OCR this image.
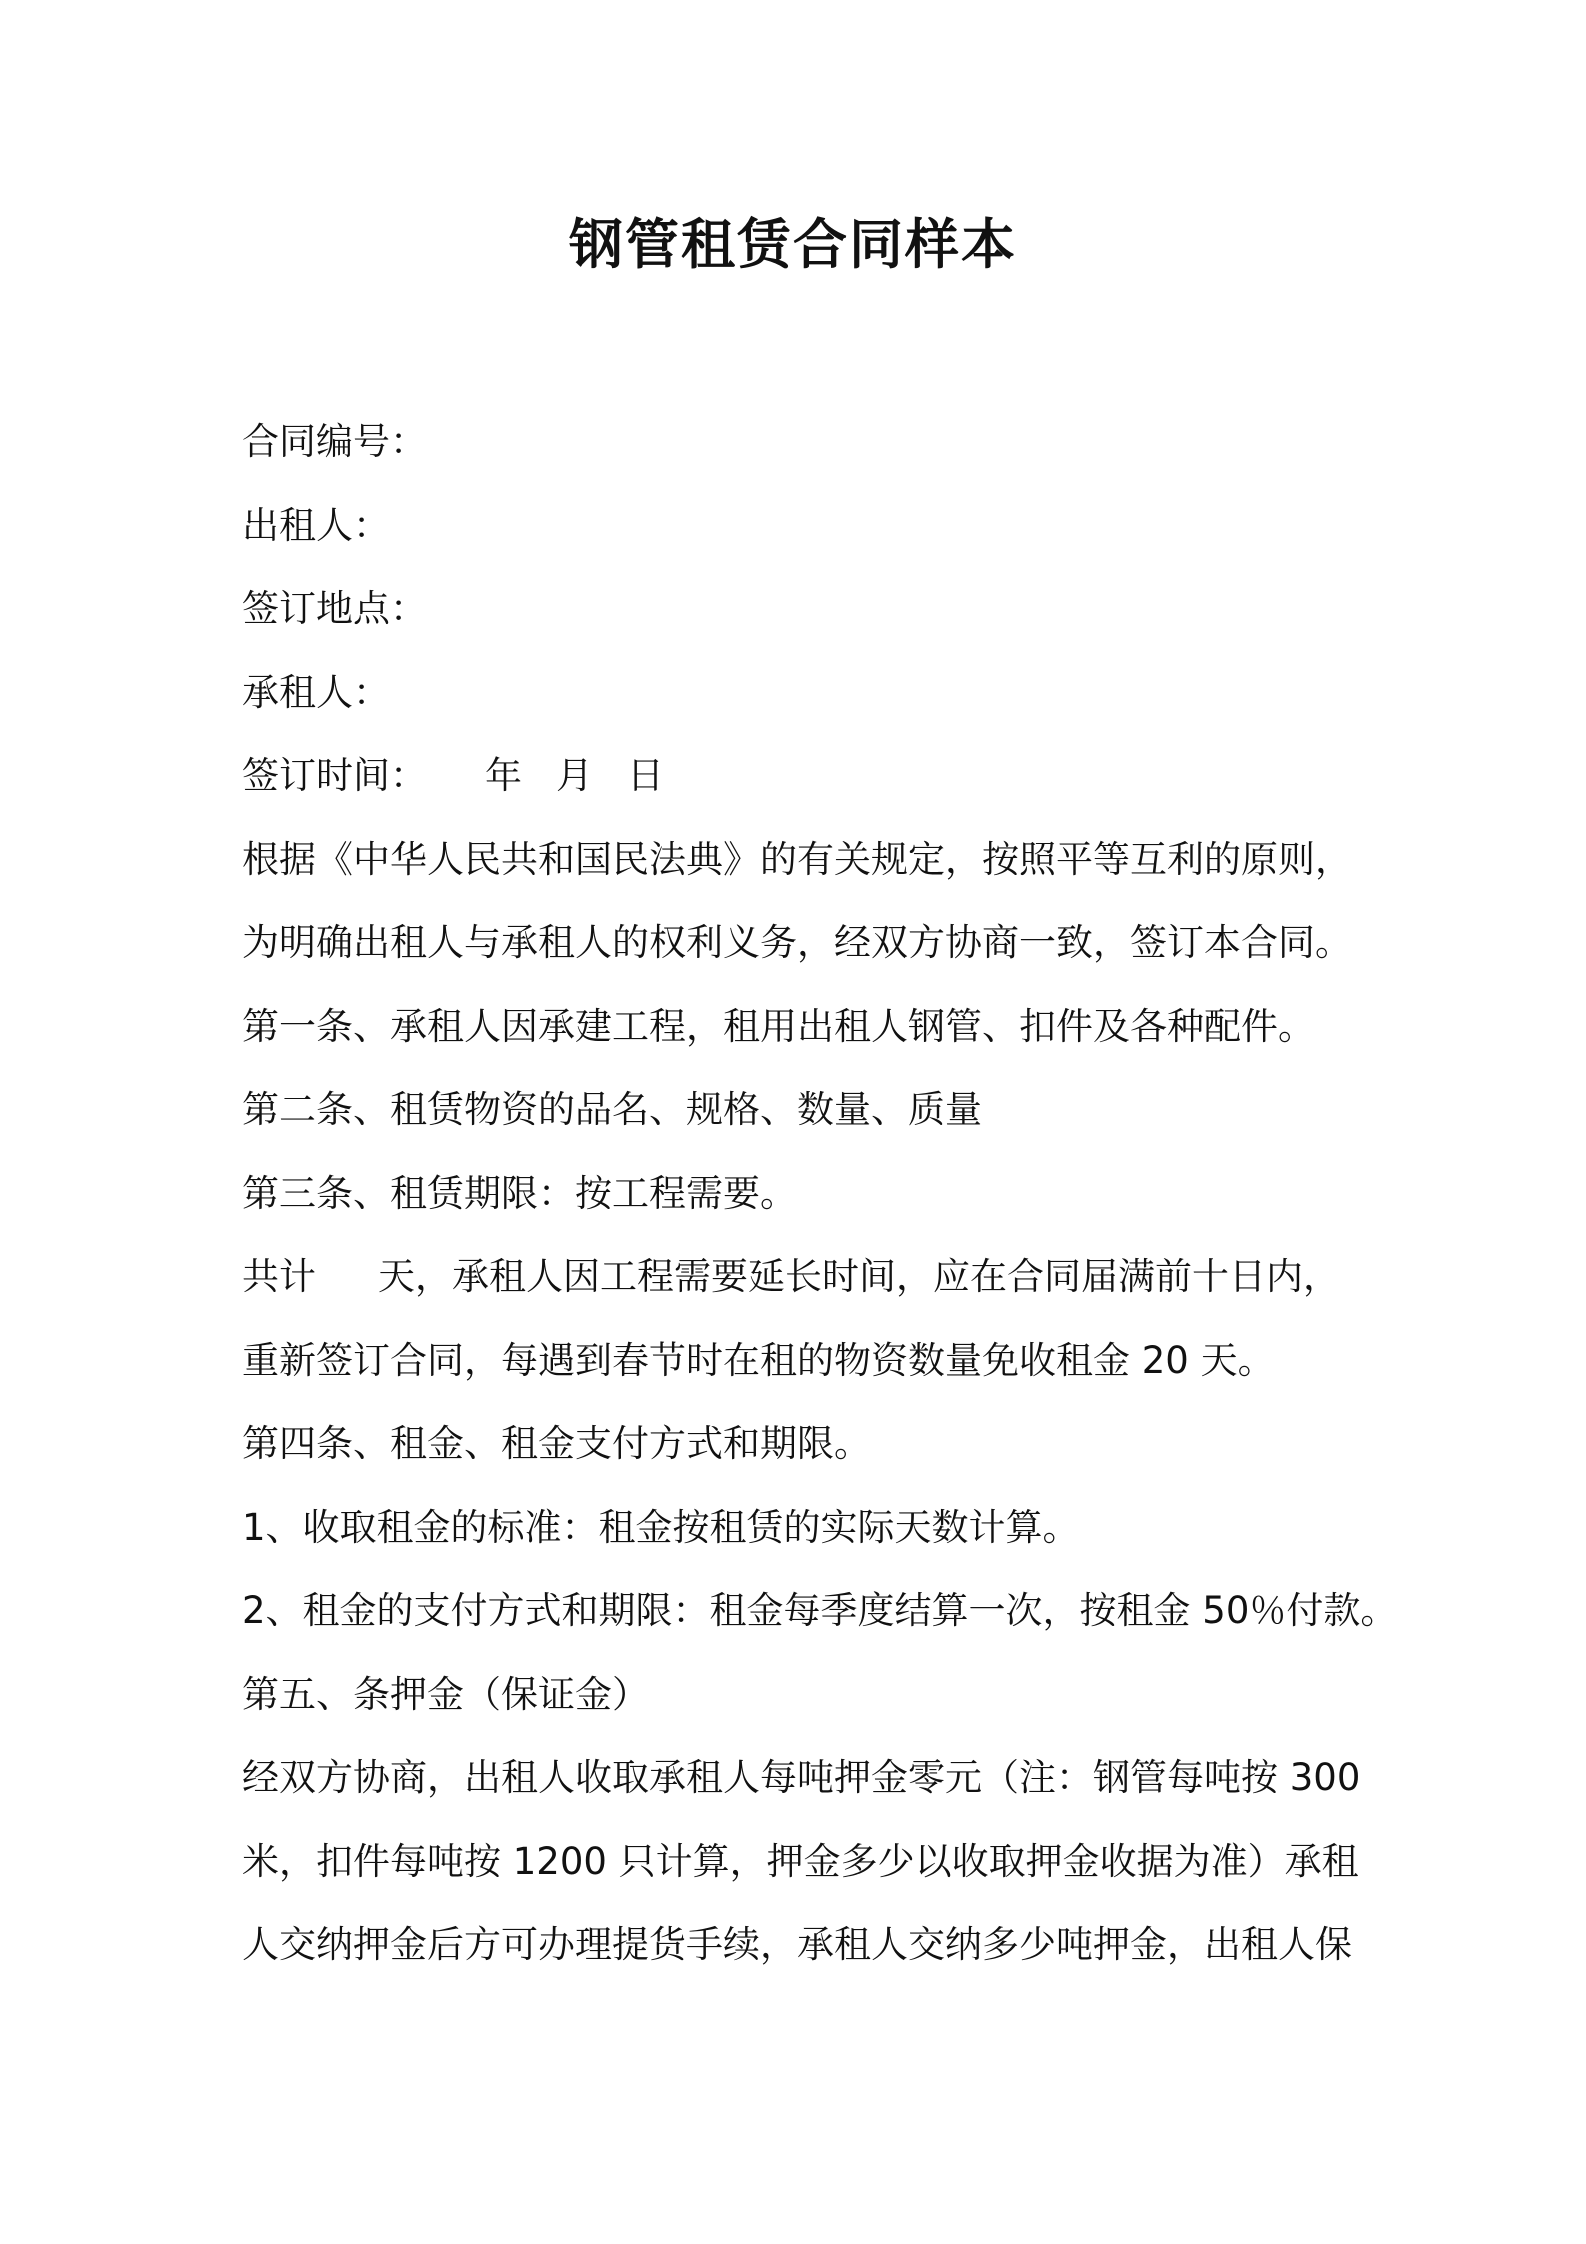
钢管租赁合同样本
合同编号：
出租人：
签订地点：
承租人：
签订时间： 年 月 日
根据《中华人民共和国民法典》的有关规定，按照平等互利的原则，
为明确出租人与承租人的权利义务，经双方协商一致，签订本合同。
第一条、承租人因承建工程，租用出租人钢管、扣件及各种配件。
第二条、租赁物资的品名、规格、数量、质量
第三条、租赁期限：按工程需要。
共计 天，承租人因工程需要延长时间，应在合同届满前十日内，
重新签订合同，每遇到春节时在租的物资数量免收租金 20 天。
第四条、租金、租金支付方式和期限。
1、收取租金的标准：租金按租赁的实际天数计算。
2、租金的支付方式和期限：租金每季度结算一次，按租金 50％付款。
第五、条押金（保证金）
经双方协商，出租人收取承租人每吨押金零元（注：钢管每吨按 300
米，扣件每吨按 1200 只计算，押金多少以收取押金收据为准）承租
人交纳押金后方可办理提货手续，承租人交纳多少吨押金，出租人保
